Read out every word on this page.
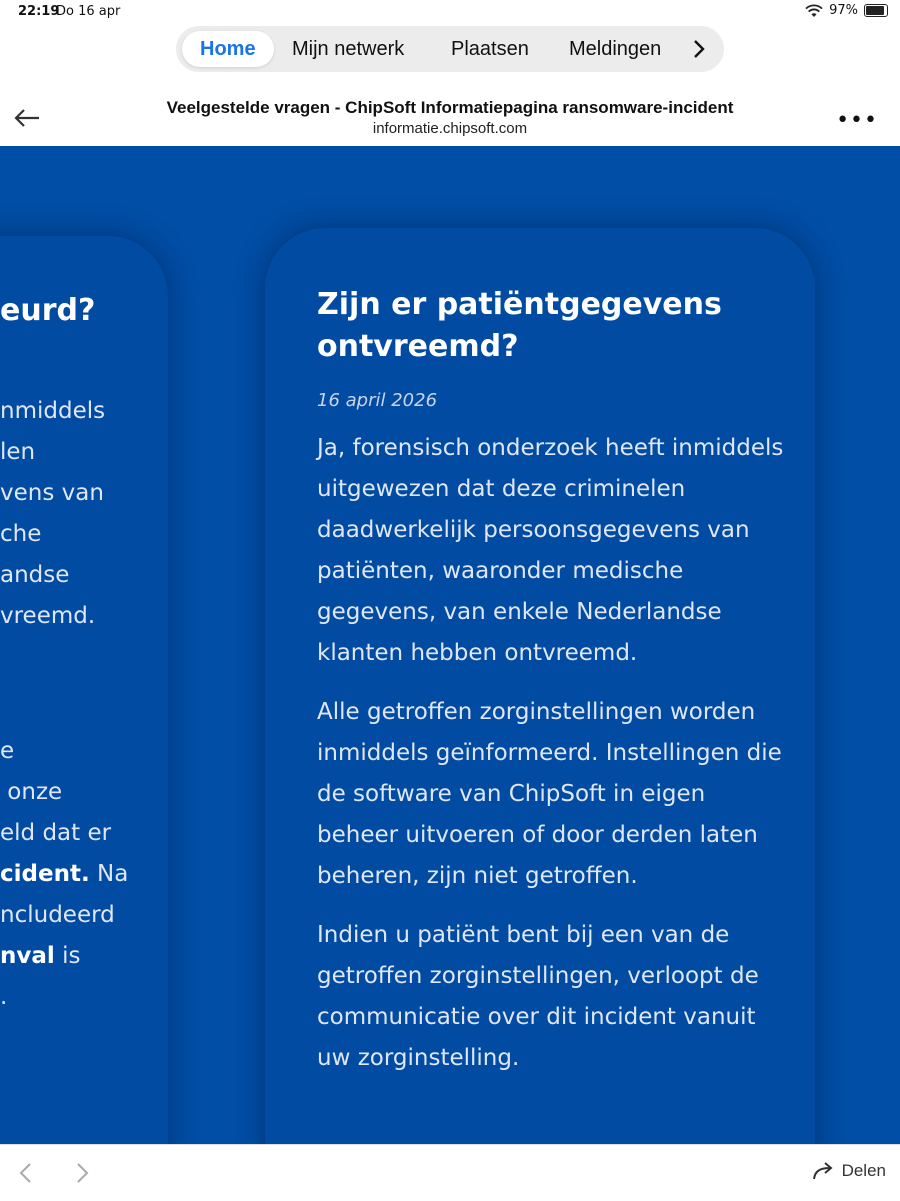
22:19
Do 16 apr	97%
Home	Mijn netwerk Plaatsen Meldingen
Veelgestelde vragen - ChipSoft Informatiepagina ransomware-incident
informatie.chipsoft.com	•••
eurd?
nmiddels
len
vens van
che
andse
vreemd.
e
onze
eld dat er
cident. Na
ncludeerd
nval is
.
Zijn er patiëntgegevens ontvreemd?
16 april 2026

Ja, forensisch onderzoek heeft inmiddels uitgewezen dat deze criminelen daadwerkelijk persoonsgegevens van patiënten, waaronder medische gegevens, van enkele Nederlandse klanten hebben ontvreemd.

Alle getroffen zorginstellingen worden inmiddels geïnformeerd. Instellingen die de software van ChipSoft in eigen beheer uitvoeren of door derden laten beheren, zijn niet getroffen.

Indien u patiënt bent bij een van de getroffen zorginstellingen, verloopt de communicatie over dit incident vanuit uw zorginstelling.

Delen
